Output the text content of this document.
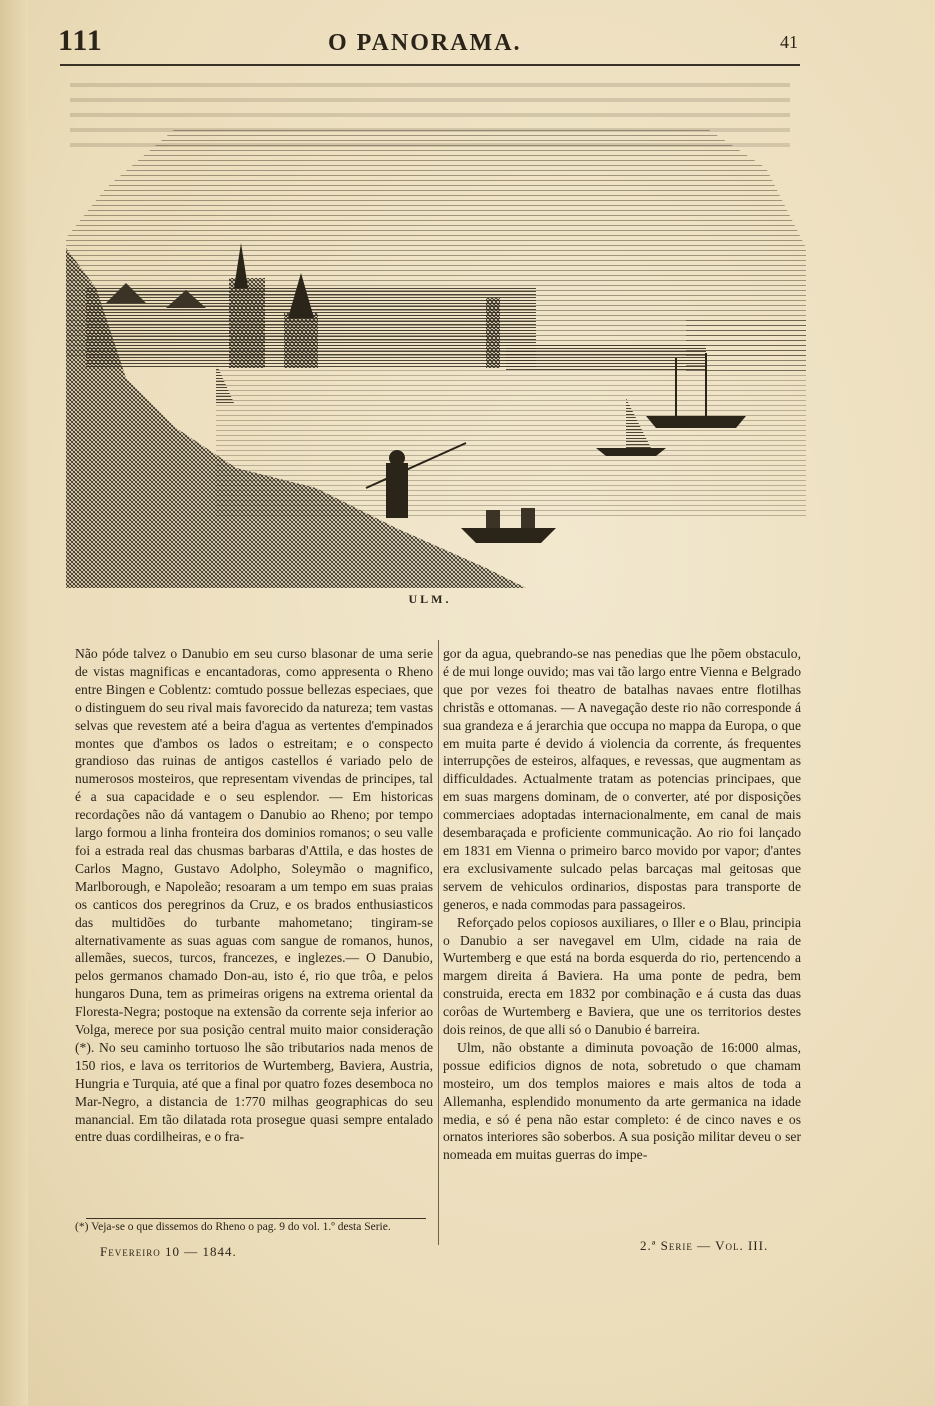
111	O PANORAMA.	41
ULM.

Não póde talvez o Danubio em seu curso blasonar de uma serie de vistas magnificas e encantadoras, como appresenta o Rheno entre Bingen e Coblentz: comtudo possue bellezas especiaes, que o distinguem do seu rival mais favorecido da natureza; tem vastas selvas que revestem até a beira d'agua as vertentes d'empinados montes que d'ambos os lados o estreitam; e o conspecto grandioso das ruinas de antigos castellos é variado pelo de numerosos mosteiros, que representam vivendas de principes, tal é a sua capacidade e o seu esplendor. — Em historicas recordações não dá vantagem o Danubio ao Rheno; por tempo largo formou a linha fronteira dos dominios romanos; o seu valle foi a estrada real das chusmas barbaras d'Attila, e das hostes de Carlos Magno, Gustavo Adolpho, Soleymão o magnifico, Marlborough, e Napoleão; resoaram a um tempo em suas praias os canticos dos peregrinos da Cruz, e os brados enthusiasticos das multidões do turbante mahometano; tingiram-se alternativamente as suas aguas com sangue de romanos, hunos, allemães, suecos, turcos, francezes, e inglezes.— O Danubio, pelos germanos chamado Don-au, isto é, rio que trôa, e pelos hungaros Duna, tem as primeiras origens na extrema oriental da Floresta-Negra; postoque na extensão da corrente seja inferior ao Volga, merece por sua posição central muito maior consideração (*). No seu caminho tortuoso lhe são tributarios nada menos de 150 rios, e lava os territorios de Wurtemberg, Baviera, Austria, Hungria e Turquia, até que a final por quatro fozes desemboca no Mar-Negro, a distancia de 1:770 milhas geographicas do seu manancial. Em tão dilatada rota prosegue quasi sempre entalado entre duas cordilheiras, e o fra-

gor da agua, quebrando-se nas penedias que lhe põem obstaculo, é de mui longe ouvido; mas vai tão largo entre Vienna e Belgrado que por vezes foi theatro de batalhas navaes entre flotilhas christãs e ottomanas. — A navegação deste rio não corresponde á sua grandeza e á jerarchia que occupa no mappa da Europa, o que em muita parte é devido á violencia da corrente, ás frequentes interrupções de esteiros, alfaques, e revessas, que augmentam as difficuldades. Actualmente tratam as potencias principaes, que em suas margens dominam, de o converter, até por disposições commerciaes adoptadas internacionalmente, em canal de mais desembaraçada e proficiente communicação. Ao rio foi lançado em 1831 em Vienna o primeiro barco movido por vapor; d'antes era exclusivamente sulcado pelas barcaças mal geitosas que servem de vehiculos ordinarios, dispostas para transporte de generos, e nada commodas para passageiros.

Reforçado pelos copiosos auxiliares, o Iller e o Blau, principia o Danubio a ser navegavel em Ulm, cidade na raia de Wurtemberg e que está na borda esquerda do rio, pertencendo a margem direita á Baviera. Ha uma ponte de pedra, bem construida, erecta em 1832 por combinação e á custa das duas corôas de Wurtemberg e Baviera, que une os territorios destes dois reinos, de que alli só o Danubio é barreira.

Ulm, não obstante a diminuta povoação de 16:000 almas, possue edificios dignos de nota, sobretudo o que chamam mosteiro, um dos templos maiores e mais altos de toda a Allemanha, esplendido monumento da arte germanica na idade media, e só é pena não estar completo: é de cinco naves e os ornatos interiores são soberbos. A sua posição militar deveu o ser nomeada em muitas guerras do impe-

(*) Veja-se o que dissemos do Rheno o pag. 9 do vol. 1.º desta Serie.
Fevereiro 10 — 1844.	2.ª Serie — Vol. III.
